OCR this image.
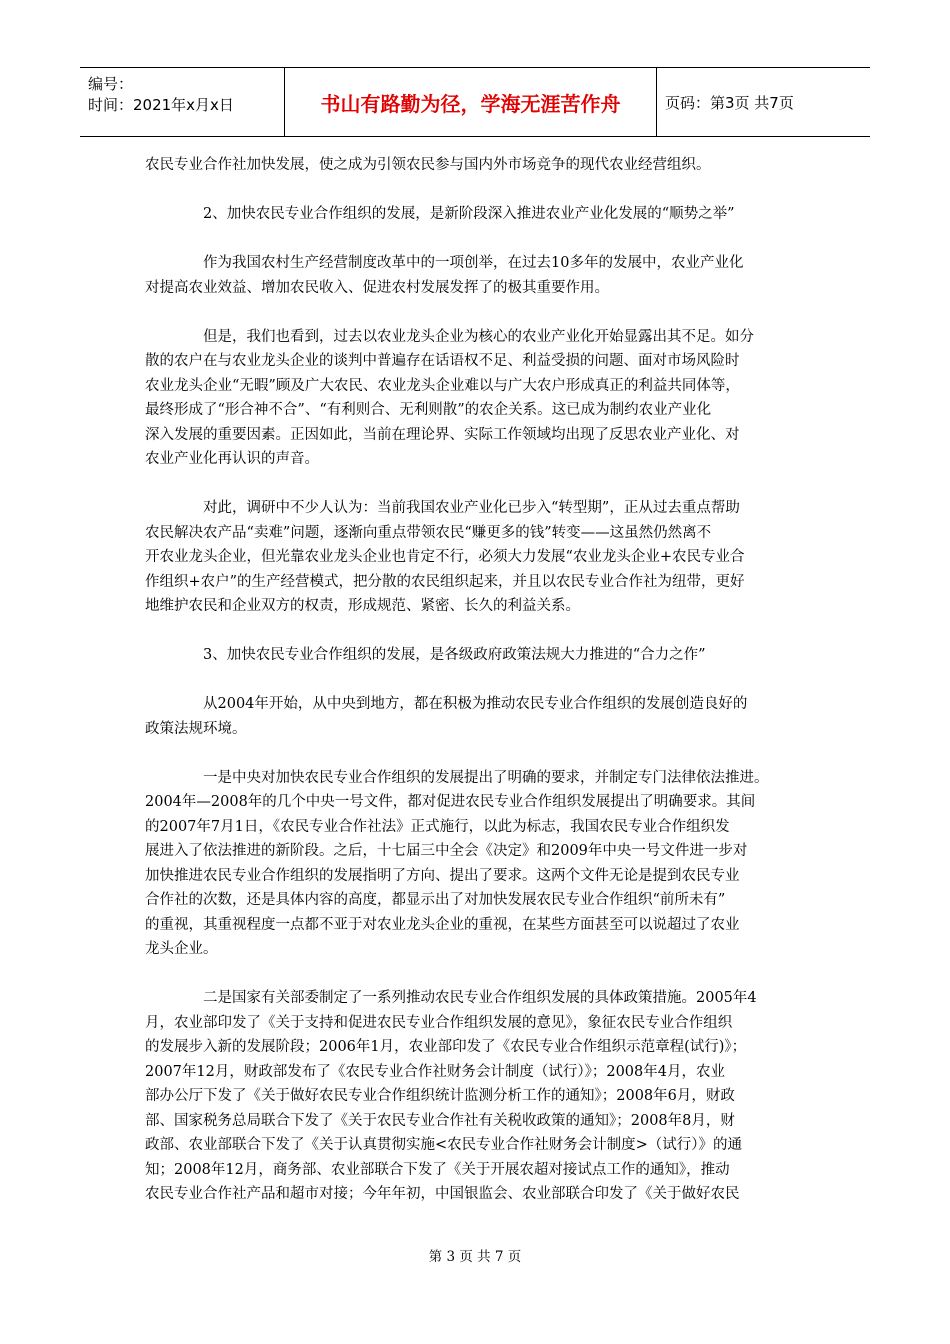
编号：
时间：2021年x月x日	书山有路勤为径，学海无涯苦作舟	页码：第3页 共7页

农民专业合作社加快发展，使之成为引领农民参与国内外市场竞争的现代农业经营组织。

2、加快农民专业合作组织的发展，是新阶段深入推进农业产业化发展的“顺势之举”

作为我国农村生产经营制度改革中的一项创举，在过去10多年的发展中，农业产业化

对提高农业效益、增加农民收入、促进农村发展发挥了的极其重要作用。

但是，我们也看到，过去以农业龙头企业为核心的农业产业化开始显露出其不足。如分

散的农户在与农业龙头企业的谈判中普遍存在话语权不足、利益受损的问题、面对市场风险时

农业龙头企业“无暇”顾及广大农民、农业龙头企业难以与广大农户形成真正的利益共同体等，

最终形成了“形合神不合”、“有利则合、无利则散”的农企关系。这已成为制约农业产业化

深入发展的重要因素。正因如此，当前在理论界、实际工作领域均出现了反思农业产业化、对

农业产业化再认识的声音。

对此，调研中不少人认为：当前我国农业产业化已步入“转型期”，正从过去重点帮助

农民解决农产品“卖难”问题，逐渐向重点带领农民“赚更多的钱”转变——这虽然仍然离不

开农业龙头企业，但光靠农业龙头企业也肯定不行，必须大力发展“农业龙头企业+农民专业合

作组织+农户”的生产经营模式，把分散的农民组织起来，并且以农民专业合作社为纽带，更好

地维护农民和企业双方的权责，形成规范、紧密、长久的利益关系。

3、加快农民专业合作组织的发展，是各级政府政策法规大力推进的“合力之作”

从2004年开始，从中央到地方，都在积极为推动农民专业合作组织的发展创造良好的

政策法规环境。

一是中央对加快农民专业合作组织的发展提出了明确的要求，并制定专门法律依法推进。

2004年—2008年的几个中央一号文件，都对促进农民专业合作组织发展提出了明确要求。其间

的2007年7月1日，《农民专业合作社法》正式施行，以此为标志，我国农民专业合作组织发

展进入了依法推进的新阶段。之后，十七届三中全会《决定》和2009年中央一号文件进一步对

加快推进农民专业合作组织的发展指明了方向、提出了要求。这两个文件无论是提到农民专业

合作社的次数，还是具体内容的高度，都显示出了对加快发展农民专业合作组织“前所未有”

的重视，其重视程度一点都不亚于对农业龙头企业的重视，在某些方面甚至可以说超过了农业

龙头企业。

二是国家有关部委制定了一系列推动农民专业合作组织发展的具体政策措施。2005年4

月，农业部印发了《关于支持和促进农民专业合作组织发展的意见》，象征农民专业合作组织

的发展步入新的发展阶段；2006年1月，农业部印发了《农民专业合作组织示范章程(试行)》；

2007年12月，财政部发布了《农民专业合作社财务会计制度（试行）》；2008年4月，农业

部办公厅下发了《关于做好农民专业合作组织统计监测分析工作的通知》；2008年6月，财政

部、国家税务总局联合下发了《关于农民专业合作社有关税收政策的通知》；2008年8月，财

政部、农业部联合下发了《关于认真贯彻实施<农民专业合作社财务会计制度>（试行）》的通

知；2008年12月，商务部、农业部联合下发了《关于开展农超对接试点工作的通知》，推动

农民专业合作社产品和超市对接；今年年初，中国银监会、农业部联合印发了《关于做好农民

第 3 页 共 7 页
